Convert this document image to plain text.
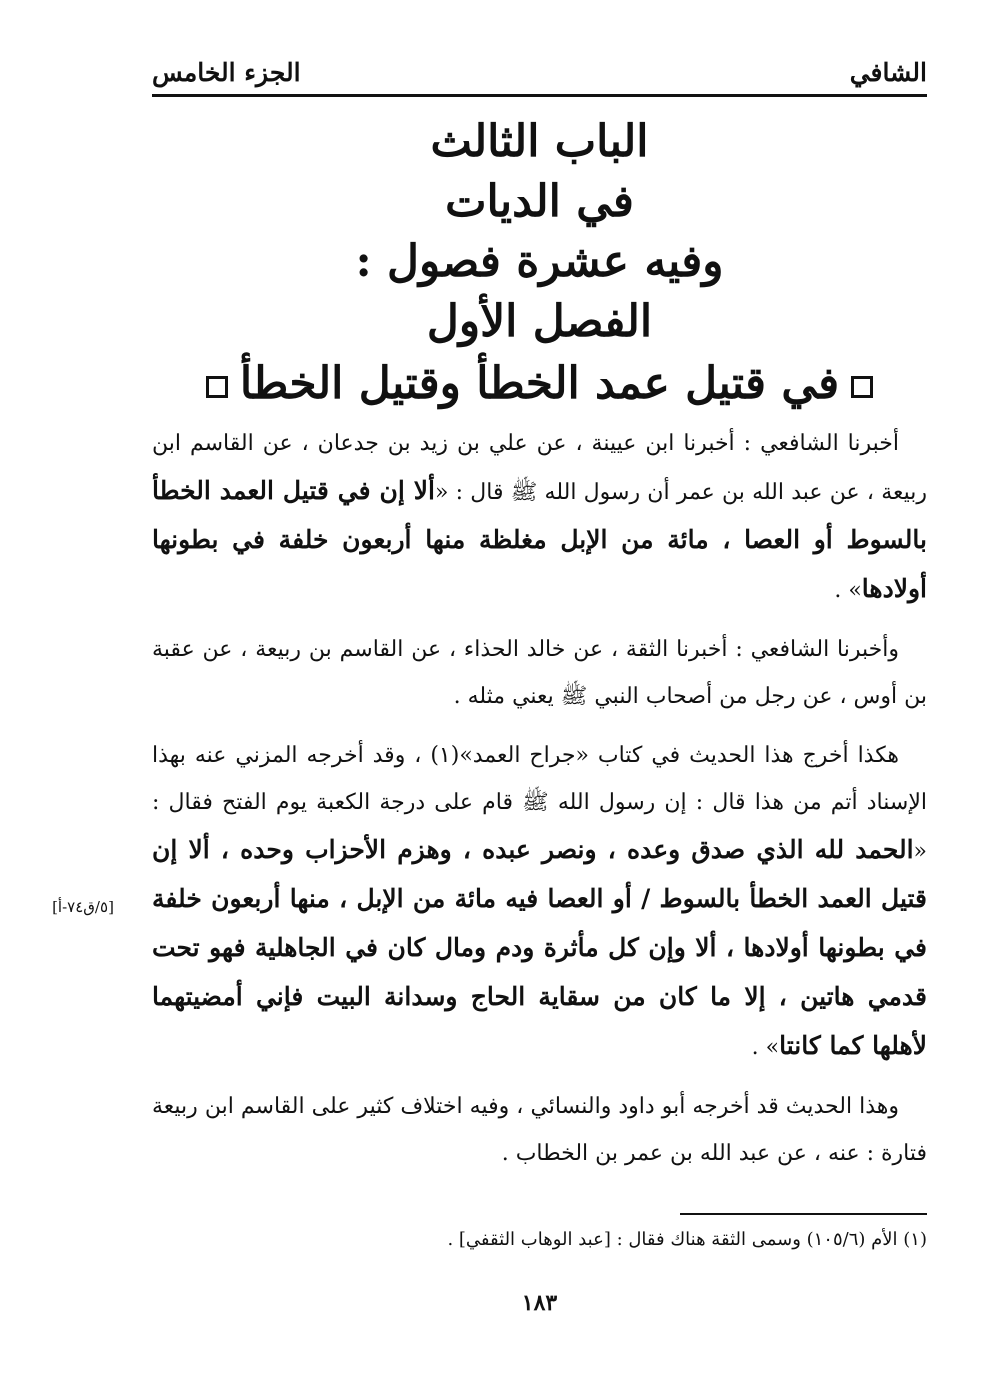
الشافي
الجزء الخامس
الباب الثالث
في الديات
وفيه عشرة فصول :
الفصل الأول
في قتيل عمد الخطأ وقتيل الخطأ

أخبرنا الشافعي : أخبرنا ابن عيينة ، عن علي بن زيد بن جدعان ، عن القاسم ابن ربيعة ، عن عبد الله بن عمر أن رسول الله ﷺ قال : «ألا إن في قتيل العمد الخطأ بالسوط أو العصا ، مائة من الإبل مغلظة منها أربعون خلفة في بطونها أولادها» .

وأخبرنا الشافعي : أخبرنا الثقة ، عن خالد الحذاء ، عن القاسم بن ربيعة ، عن عقبة بن أوس ، عن رجل من أصحاب النبي ﷺ يعني مثله .

هكذا أخرج هذا الحديث في كتاب «جراح العمد»(١) ، وقد أخرجه المزني عنه بهذا الإسناد أتم من هذا قال : إن رسول الله ﷺ قام على درجة الكعبة يوم الفتح فقال : «الحمد لله الذي صدق وعده ، ونصر عبده ، وهزم الأحزاب وحده ، ألا إن قتيل العمد الخطأ بالسوط / أو العصا فيه مائة من الإبل ، منها أربعون خلفة في بطونها أولادها ، ألا وإن كل مأثرة ودم ومال كان في الجاهلية فهو تحت قدمي هاتين ، إلا ما كان من سقاية الحاج وسدانة البيت فإني أمضيتهما لأهلها كما كانتا» .

وهذا الحديث قد أخرجه أبو داود والنسائي ، وفيه اختلاف كثير على القاسم ابن ربيعة فتارة : عنه ، عن عبد الله بن عمر بن الخطاب .

[٥/ق٧٤-أ]
(١) الأم (١٠٥/٦) وسمى الثقة هناك فقال : [عبد الوهاب الثقفي] .
١٨٣
